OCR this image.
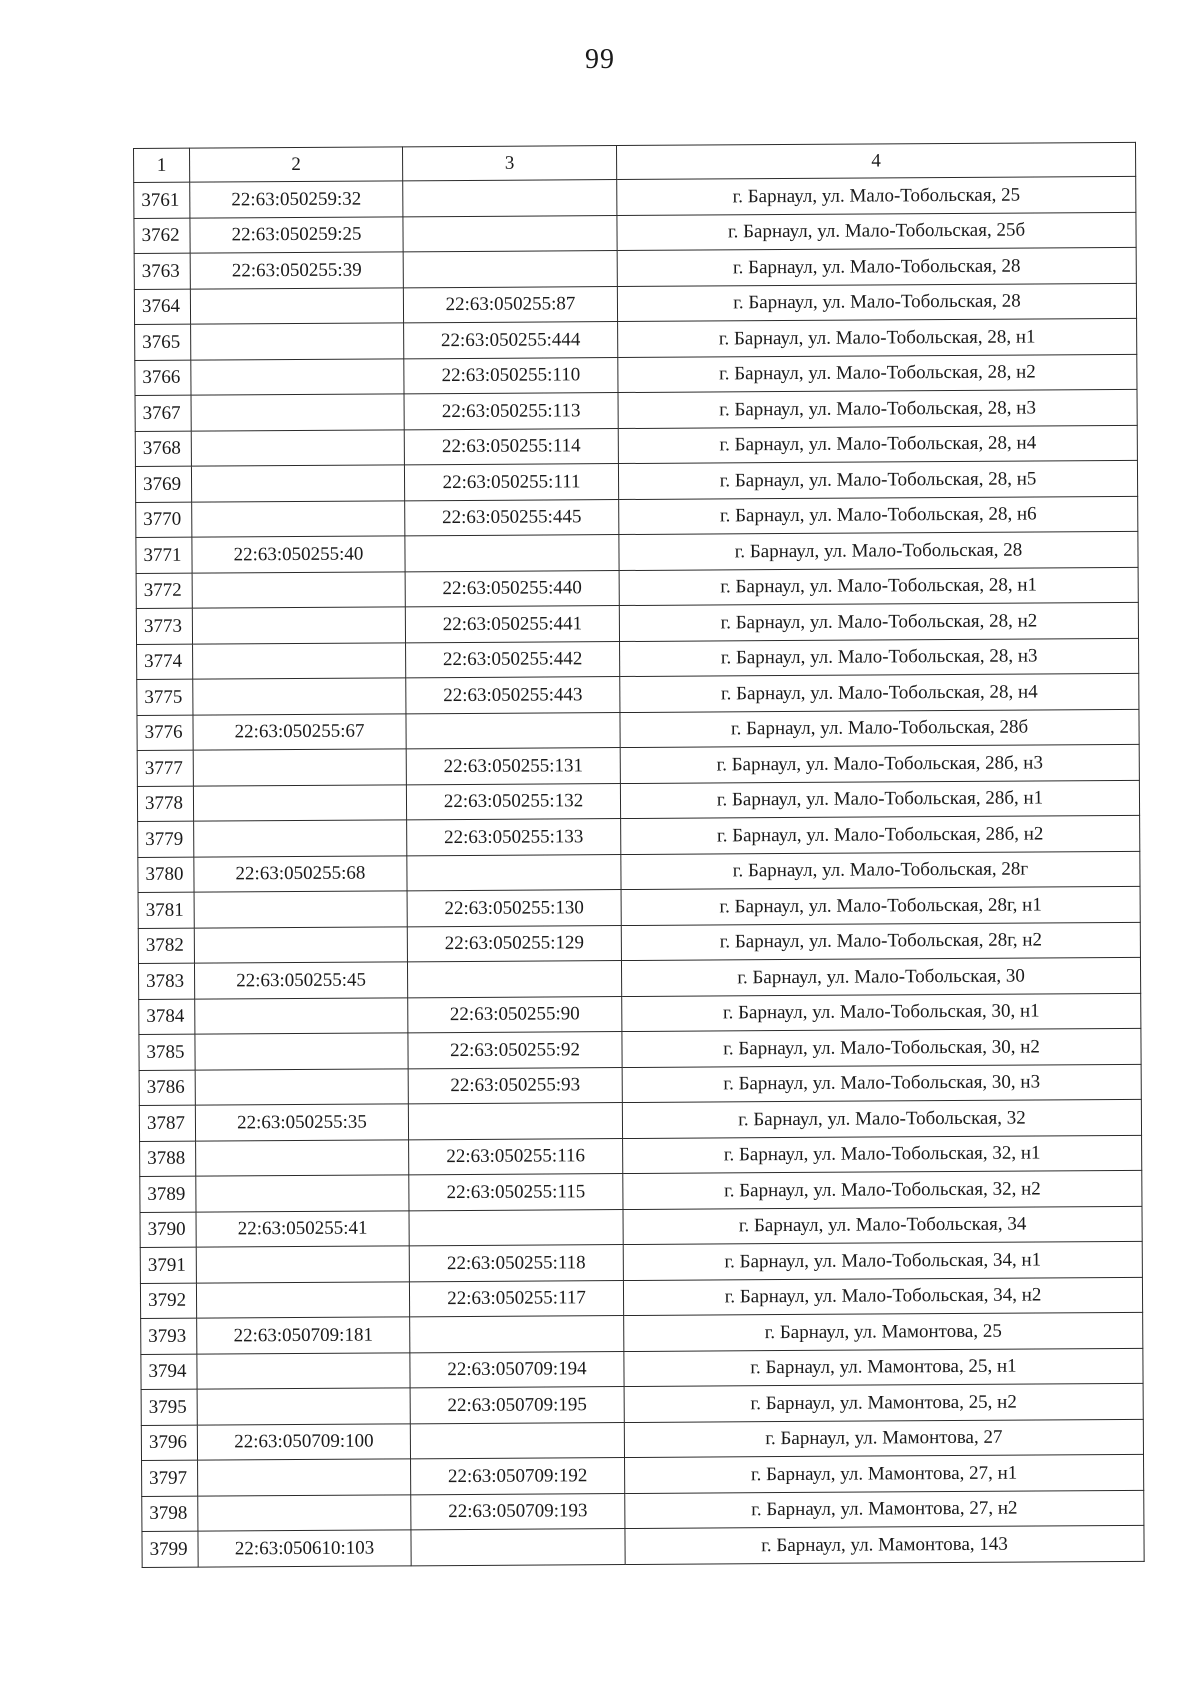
99
1	2	3	4
3761	22:63:050259:32		г. Барнаул, ул. Мало-Тобольская, 25
3762	22:63:050259:25		г. Барнаул, ул. Мало-Тобольская, 25б
3763	22:63:050255:39		г. Барнаул, ул. Мало-Тобольская, 28
3764		22:63:050255:87	г. Барнаул, ул. Мало-Тобольская, 28
3765		22:63:050255:444	г. Барнаул, ул. Мало-Тобольская, 28, н1
3766		22:63:050255:110	г. Барнаул, ул. Мало-Тобольская, 28, н2
3767		22:63:050255:113	г. Барнаул, ул. Мало-Тобольская, 28, н3
3768		22:63:050255:114	г. Барнаул, ул. Мало-Тобольская, 28, н4
3769		22:63:050255:111	г. Барнаул, ул. Мало-Тобольская, 28, н5
3770		22:63:050255:445	г. Барнаул, ул. Мало-Тобольская, 28, н6
3771	22:63:050255:40		г. Барнаул, ул. Мало-Тобольская, 28
3772		22:63:050255:440	г. Барнаул, ул. Мало-Тобольская, 28, н1
3773		22:63:050255:441	г. Барнаул, ул. Мало-Тобольская, 28, н2
3774		22:63:050255:442	г. Барнаул, ул. Мало-Тобольская, 28, н3
3775		22:63:050255:443	г. Барнаул, ул. Мало-Тобольская, 28, н4
3776	22:63:050255:67		г. Барнаул, ул. Мало-Тобольская, 28б
3777		22:63:050255:131	г. Барнаул, ул. Мало-Тобольская, 28б, н3
3778		22:63:050255:132	г. Барнаул, ул. Мало-Тобольская, 28б, н1
3779		22:63:050255:133	г. Барнаул, ул. Мало-Тобольская, 28б, н2
3780	22:63:050255:68		г. Барнаул, ул. Мало-Тобольская, 28г
3781		22:63:050255:130	г. Барнаул, ул. Мало-Тобольская, 28г, н1
3782		22:63:050255:129	г. Барнаул, ул. Мало-Тобольская, 28г, н2
3783	22:63:050255:45		г. Барнаул, ул. Мало-Тобольская, 30
3784		22:63:050255:90	г. Барнаул, ул. Мало-Тобольская, 30, н1
3785		22:63:050255:92	г. Барнаул, ул. Мало-Тобольская, 30, н2
3786		22:63:050255:93	г. Барнаул, ул. Мало-Тобольская, 30, н3
3787	22:63:050255:35		г. Барнаул, ул. Мало-Тобольская, 32
3788		22:63:050255:116	г. Барнаул, ул. Мало-Тобольская, 32, н1
3789		22:63:050255:115	г. Барнаул, ул. Мало-Тобольская, 32, н2
3790	22:63:050255:41		г. Барнаул, ул. Мало-Тобольская, 34
3791		22:63:050255:118	г. Барнаул, ул. Мало-Тобольская, 34, н1
3792		22:63:050255:117	г. Барнаул, ул. Мало-Тобольская, 34, н2
3793	22:63:050709:181		г. Барнаул, ул. Мамонтова, 25
3794		22:63:050709:194	г. Барнаул, ул. Мамонтова, 25, н1
3795		22:63:050709:195	г. Барнаул, ул. Мамонтова, 25, н2
3796	22:63:050709:100		г. Барнаул, ул. Мамонтова, 27
3797		22:63:050709:192	г. Барнаул, ул. Мамонтова, 27, н1
3798		22:63:050709:193	г. Барнаул, ул. Мамонтова, 27, н2
3799	22:63:050610:103		г. Барнаул, ул. Мамонтова, 143
